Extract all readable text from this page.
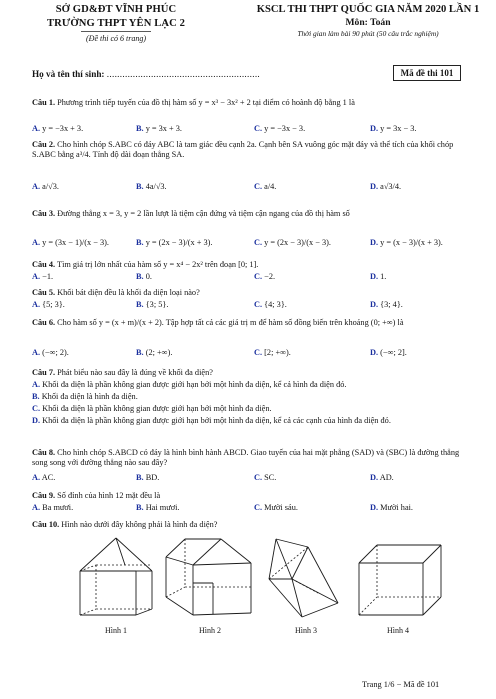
SỞ GD&ĐT VĨNH PHÚC
TRƯỜNG THPT YÊN LẠC 2
(Đề thi có 6 trang)
KSCL THI THPT QUỐC GIA NĂM 2020 LẦN 1
Môn: Toán
Thời gian làm bài 90 phút (50 câu trắc nghiệm)
Họ và tên thí sinh: ...........................................................	Mã đề thi 101
Câu 1. Phương trình tiếp tuyến của đồ thị hàm số y = x³ − 3x² + 2 tại điểm có hoành độ bằng 1 là
A. y = −3x + 3.	B. y = 3x + 3.	C. y = −3x − 3.	D. y = 3x − 3.
Câu 2. Cho hình chóp S.ABC có đáy ABC là tam giác đều cạnh 2a. Cạnh bên SA vuông góc mặt đáy và thể tích của khối chóp S.ABC bằng a³/4. Tính độ dài đoạn thẳng SA.
A. a/√3.	B. 4a/√3.	C. a/4.	D. a√3/4.
Câu 3. Đường thẳng x = 3, y = 2 lần lượt là tiệm cận đứng và tiệm cận ngang của đồ thị hàm số
A. y = (3x − 1)/(x − 3).	B. y = (2x − 3)/(x + 3).	C. y = (2x − 3)/(x − 3).	D. y = (x − 3)/(x + 3).
Câu 4. Tìm giá trị lớn nhất của hàm số y = x⁴ − 2x² trên đoạn [0; 1].
A. −1.	B. 0.	C. −2.	D. 1.
Câu 5. Khối bát diện đều là khối đa diện loại nào?
A. {5; 3}.	B. {3; 5}.	C. {4; 3}.	D. {3; 4}.
Câu 6. Cho hàm số y = (x + m)/(x + 2). Tập hợp tất cả các giá trị m để hàm số đồng biến trên khoảng (0; +∞) là
A. (−∞; 2).	B. (2; +∞).	C. [2; +∞).	D. (−∞; 2].
Câu 7. Phát biểu nào sau đây là đúng về khối đa diện?
A. Khối đa diện là phần không gian được giới hạn bởi một hình đa diện, kể cả hình đa diện đó.
B. Khối đa diện là hình đa diện.
C. Khối đa diện là phần không gian được giới hạn bởi một hình đa diện.
D. Khối đa diện là phần không gian được giới hạn bởi một hình đa diện, kể cả các cạnh của hình đa diện đó.
Câu 8. Cho hình chóp S.ABCD có đáy là hình bình hành ABCD. Giao tuyến của hai mặt phẳng (SAD) và (SBC) là đường thẳng song song với đường thẳng nào sau đây?
A. AC.	B. BD.	C. SC.	D. AD.
Câu 9. Số đỉnh của hình 12 mặt đều là
A. Ba mươi.	B. Hai mươi.	C. Mười sáu.	D. Mười hai.
Câu 10. Hình nào dưới đây không phải là hình đa diện?
Hình 1	Hình 2	Hình 3	Hình 4
Trang 1/6 − Mã đề 101
